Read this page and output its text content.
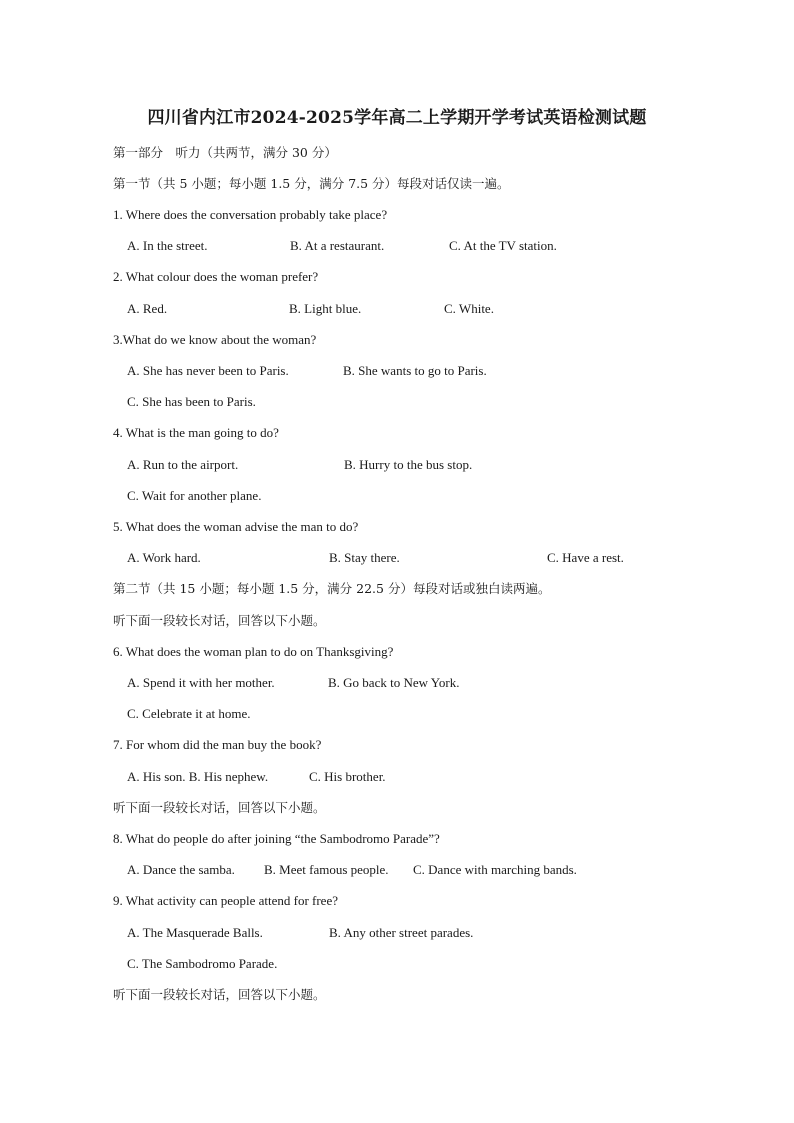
四川省内江市2024-2025学年高二上学期开学考试英语检测试题
第一部分　听力（共两节，满分 30 分）
第一节（共 5 小题；每小题 1.5 分，满分 7.5 分）每段对话仅读一遍。
1. Where does the conversation probably take place?
A. In the street.	B. At a restaurant.	C. At the TV station.
2. What colour does the woman prefer?
A. Red.	B. Light blue.	C. White.
3.What do we know about the woman?
A. She has never been to Paris.	B. She wants to go to Paris.
C. She has been to Paris.
4. What is the man going to do?
A. Run to the airport.	B. Hurry to the bus stop.
C. Wait for another plane.
5. What does the woman advise the man to do?
A. Work hard.	B. Stay there.	C. Have a rest.
第二节（共 15 小题；每小题 1.5 分，满分 22.5 分）每段对话或独白读两遍。
听下面一段较长对话，回答以下小题。
6. What does the woman plan to do on Thanksgiving?
A. Spend it with her mother.	B. Go back to New York.
C. Celebrate it at home.
7. For whom did the man buy the book?
A. His son. B. His nephew.	C. His brother.
听下面一段较长对话，回答以下小题。
8. What do people do after joining “the Sambodromo Parade”?
A. Dance the samba. B. Meet famous people. C. Dance with marching bands.
9. What activity can people attend for free?
A. The Masquerade Balls.	B. Any other street parades.
C. The Sambodromo Parade.
听下面一段较长对话，回答以下小题。
